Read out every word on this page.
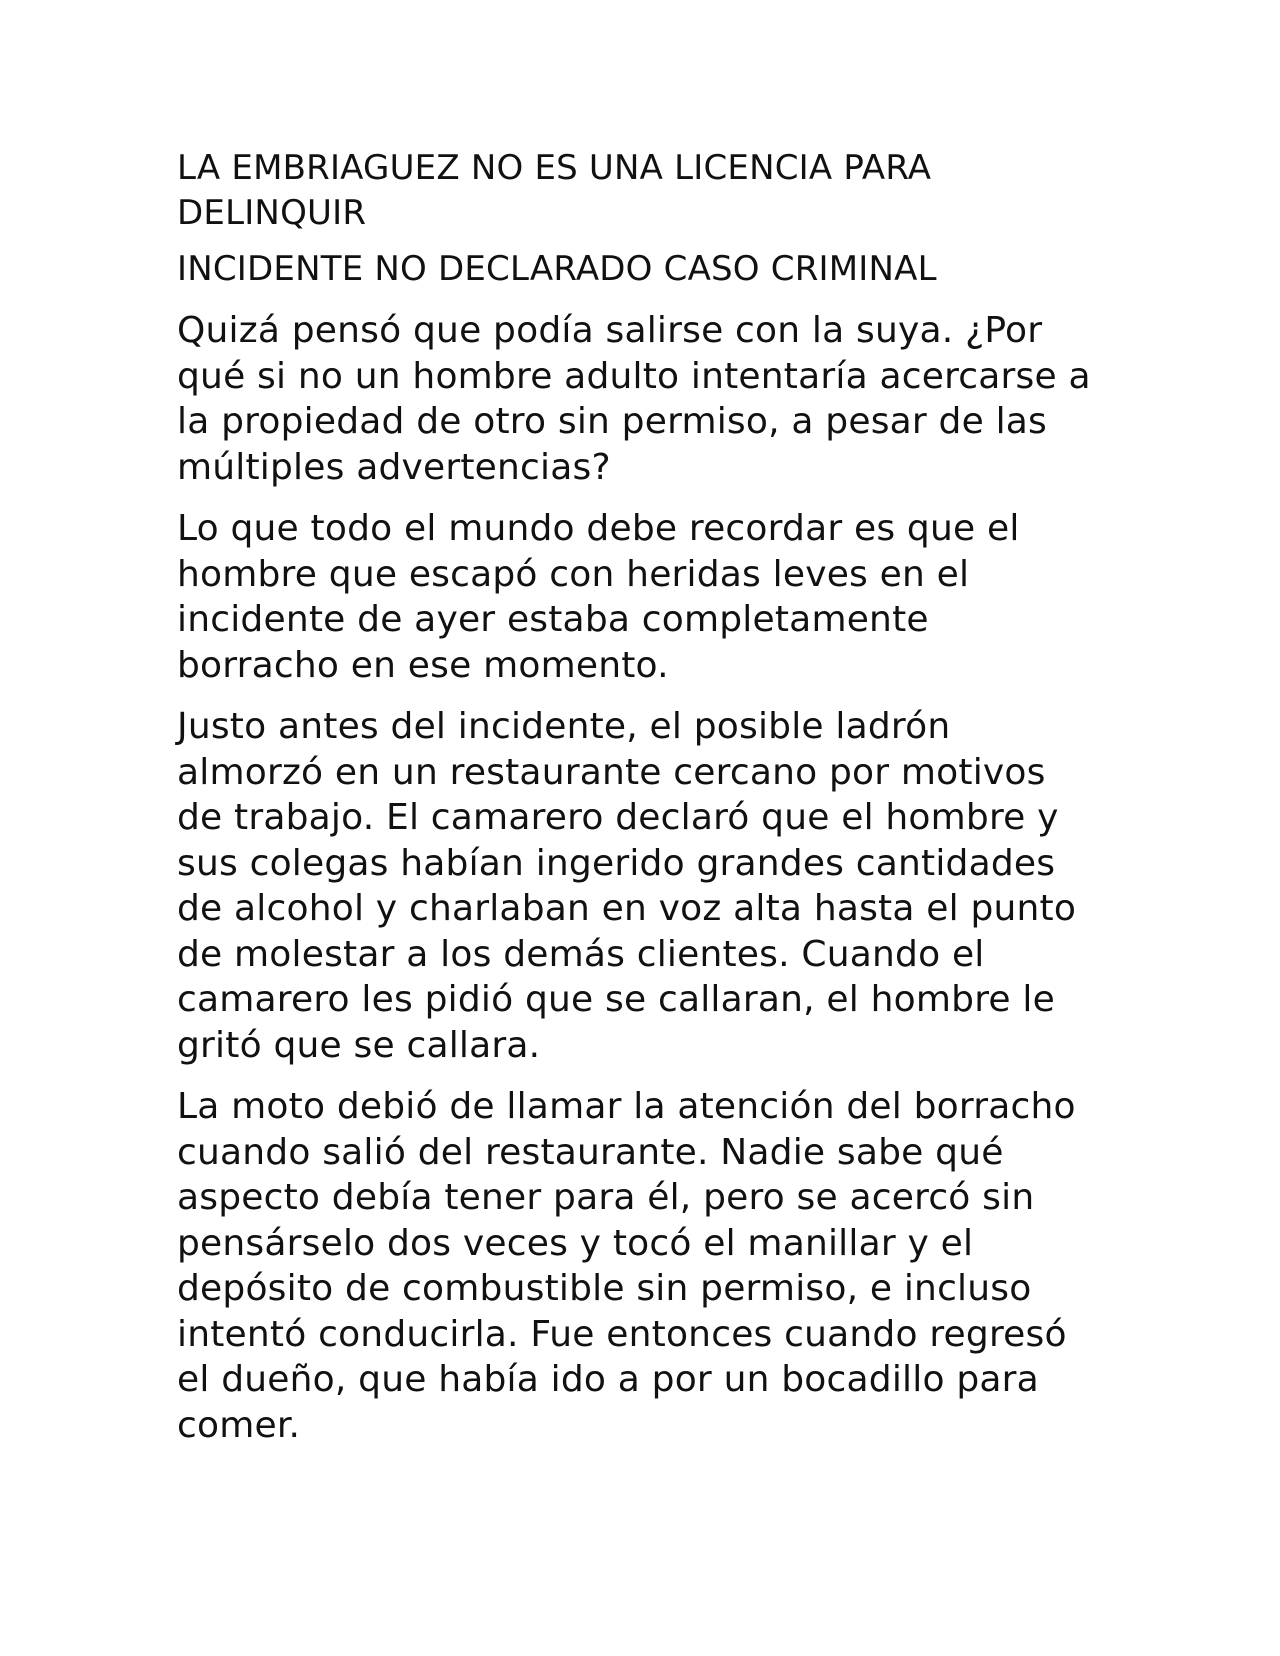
LA EMBRIAGUEZ NO ES UNA LICENCIA PARA DELINQUIR
INCIDENTE NO DECLARADO CASO CRIMINAL

Quizá pensó que podía salirse con la suya. ¿Por qué si no un hombre adulto intentaría acercarse a la propiedad de otro sin permiso, a pesar de las múltiples advertencias?

Lo que todo el mundo debe recordar es que el hombre que escapó con heridas leves en el incidente de ayer estaba completamente borracho en ese momento.

Justo antes del incidente, el posible ladrón almorzó en un restaurante cercano por motivos de trabajo. El camarero declaró que el hombre y sus colegas habían ingerido grandes cantidades de alcohol y charlaban en voz alta hasta el punto de molestar a los demás clientes. Cuando el camarero les pidió que se callaran, el hombre le gritó que se callara.

La moto debió de llamar la atención del borracho cuando salió del restaurante. Nadie sabe qué aspecto debía tener para él, pero se acercó sin pensárselo dos veces y tocó el manillar y el depósito de combustible sin permiso, e incluso intentó conducirla. Fue entonces cuando regresó el dueño, que había ido a por un bocadillo para comer.
